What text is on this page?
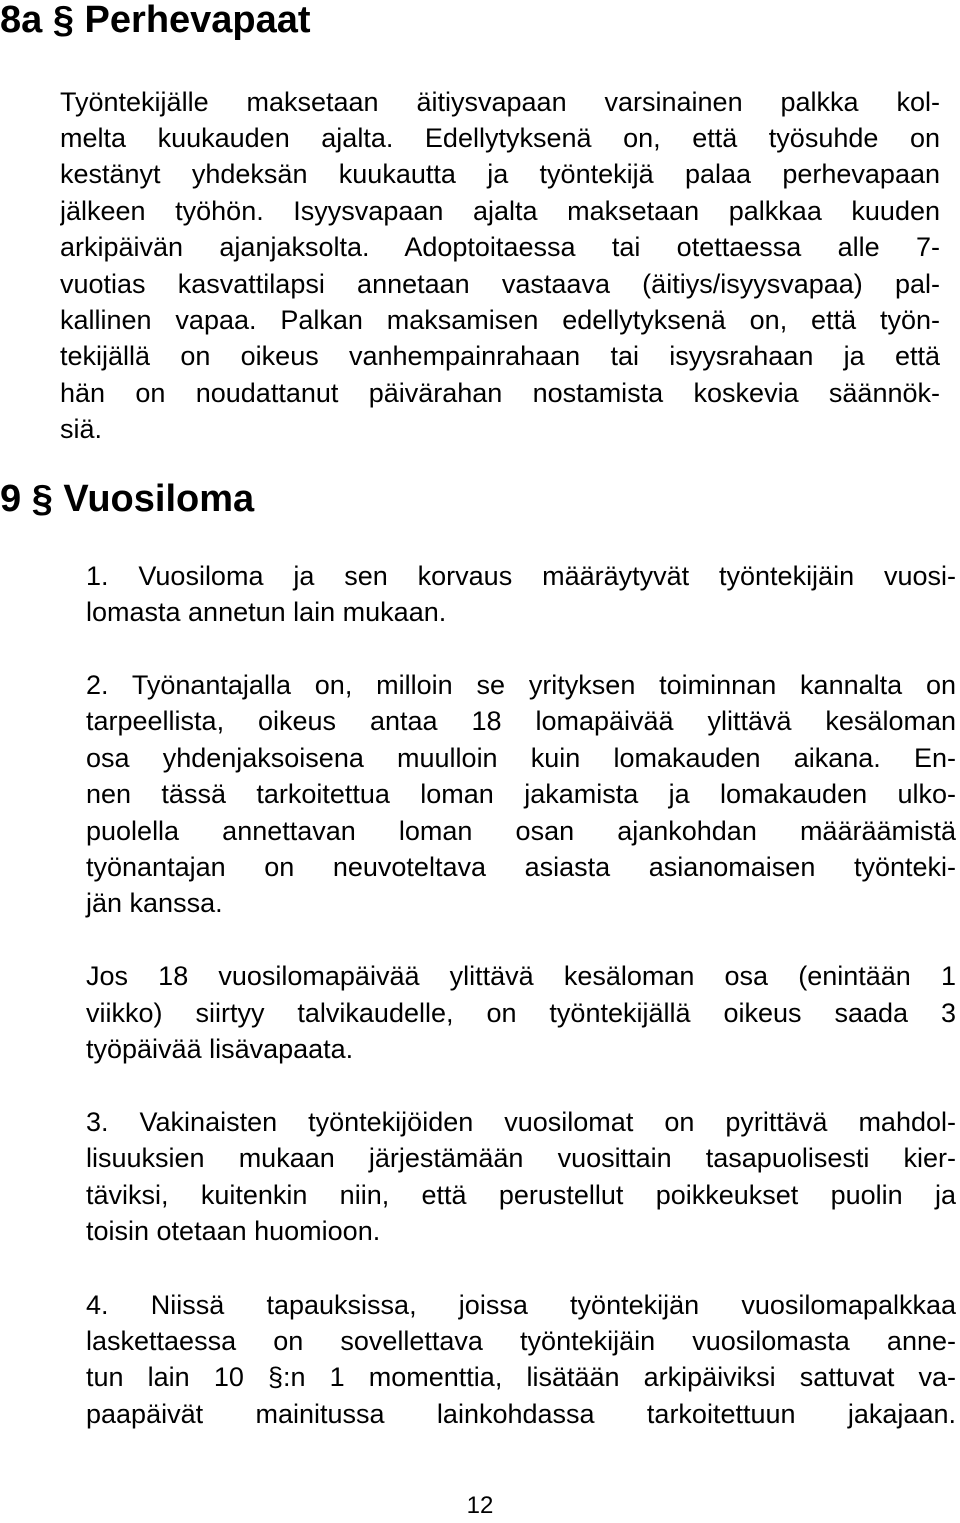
8a § Perhevapaat

Työntekijälle maksetaan äitiysvapaan varsinainen palkka kol-

melta kuukauden ajalta. Edellytyksenä on, että työsuhde on

kestänyt yhdeksän kuukautta ja työntekijä palaa perhevapaan

jälkeen työhön. Isyysvapaan ajalta maksetaan palkkaa kuuden

arkipäivän ajanjaksolta. Adoptoitaessa tai otettaessa alle 7-

vuotias kasvattilapsi annetaan vastaava (äitiys/isyysvapaa) pal-

kallinen vapaa. Palkan maksamisen edellytyksenä on, että työn-

tekijällä on oikeus vanhempainrahaan tai isyysrahaan ja että

hän on noudattanut päivärahan nostamista koskevia säännök-

siä.

9 § Vuosiloma

1. Vuosiloma ja sen korvaus määräytyvät työntekijäin vuosi-

lomasta annetun lain mukaan.

2. Työnantajalla on, milloin se yrityksen toiminnan kannalta on

tarpeellista, oikeus antaa 18 lomapäivää ylittävä kesäloman

osa yhdenjaksoisena muulloin kuin lomakauden aikana. En-

nen tässä tarkoitettua loman jakamista ja lomakauden ulko-

puolella annettavan loman osan ajankohdan määräämistä

työnantajan on neuvoteltava asiasta asianomaisen työnteki-

jän kanssa.

Jos 18 vuosilomapäivää ylittävä kesäloman osa (enintään 1

viikko) siirtyy talvikaudelle, on työntekijällä oikeus saada 3

työpäivää lisävapaata.

3. Vakinaisten työntekijöiden vuosilomat on pyrittävä mahdol-

lisuuksien mukaan järjestämään vuosittain tasapuolisesti kier-

täviksi, kuitenkin niin, että perustellut poikkeukset puolin ja

toisin otetaan huomioon.

4. Niissä tapauksissa, joissa työntekijän vuosilomapalkkaa

laskettaessa on sovellettava työntekijäin vuosilomasta anne-

tun lain 10 §:n 1 momenttia, lisätään arkipäiviksi sattuvat va-

paapäivät mainitussa lainkohdassa tarkoitettuun jakajaan.

12
